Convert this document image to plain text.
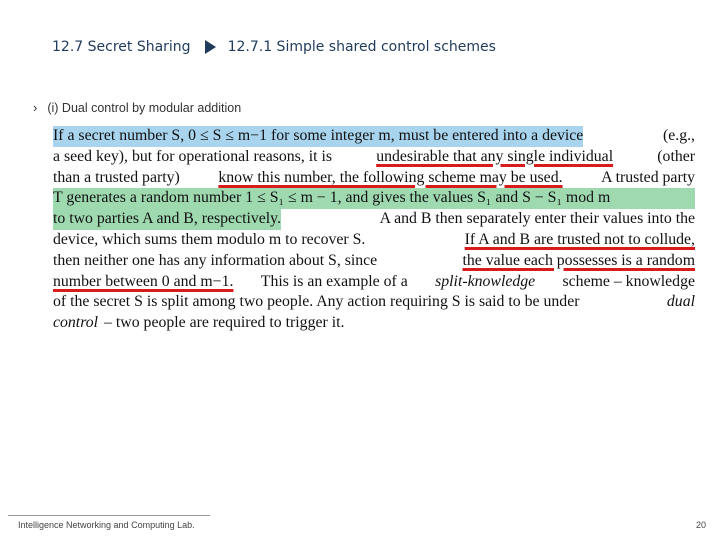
12.7 Secret Sharing	12.7.1 Simple shared control schemes
› (i) Dual control by modular addition
If a secret number S, 0 ≤ S ≤ m−1 for some integer m, must be entered into a device	(e.g.,
a seed key), but for operational reasons, it is	undesirable that any single individual	(other
than a trusted party) know this number, the following scheme may be used. A trusted party
T generates a random number 1 ≤ S₁ ≤ m − 1, and gives the values S₁ and S − S₁ mod m
to two parties A and B, respectively.	A and B then separately enter their values into the
device, which sums them modulo m to recover S.	If A and B are trusted not to collude,
then neither one has any information about S, since	the value each possesses is a random
number between 0 and m−1. This is an example of a split-knowledge scheme – knowledge
of the secret S is split among two people. Any action requiring S is said to be under	dual
control – two people are required to trigger it.
Intelligence Networking and Computing Lab.	20
